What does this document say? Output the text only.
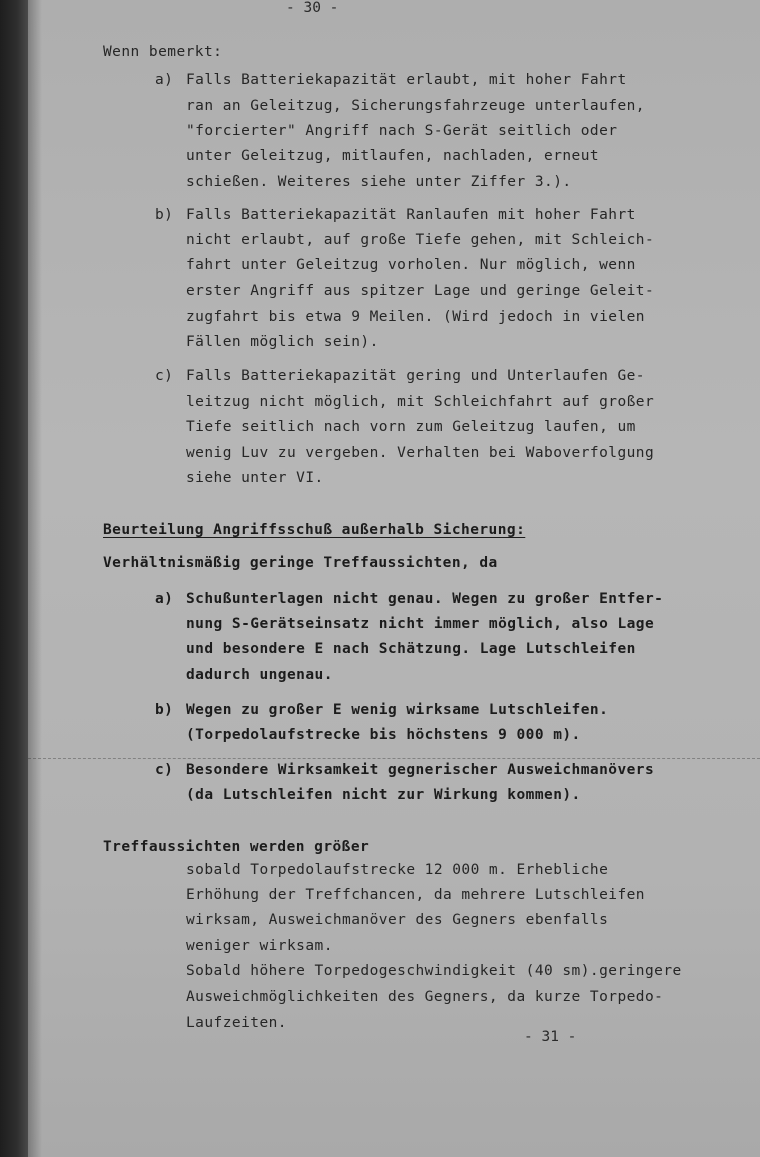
- 30 -
Wenn bemerkt:
a) Falls Batteriekapazität erlaubt, mit hoher Fahrt
ran an Geleitzug, Sicherungsfahrzeuge unterlaufen,
"forcierter" Angriff nach S-Gerät seitlich oder
unter Geleitzug, mitlaufen, nachladen, erneut
schießen. Weiteres siehe unter Ziffer 3.).
b) Falls Batteriekapazität Ranlaufen mit hoher Fahrt
nicht erlaubt, auf große Tiefe gehen, mit Schleich-
fahrt unter Geleitzug vorholen. Nur möglich, wenn
erster Angriff aus spitzer Lage und geringe Geleit-
zugfahrt bis etwa 9 Meilen. (Wird jedoch in vielen
Fällen möglich sein).
c) Falls Batteriekapazität gering und Unterlaufen Ge-
leitzug nicht möglich, mit Schleichfahrt auf großer
Tiefe seitlich nach vorn zum Geleitzug laufen, um
wenig Luv zu vergeben. Verhalten bei Waboverfolgung
siehe unter VI.
Beurteilung Angriffsschuß außerhalb Sicherung:
Verhältnismäßig geringe Treffaussichten, da
a) Schußunterlagen nicht genau. Wegen zu großer Entfer-
nung S-Gerätseinsatz nicht immer möglich, also Lage
und besondere E nach Schätzung. Lage Lutschleifen
dadurch ungenau.
b) Wegen zu großer E wenig wirksame Lutschleifen.
(Torpedolaufstrecke bis höchstens 9 000 m).
c) Besondere Wirksamkeit gegnerischer Ausweichmanövers
(da Lutschleifen nicht zur Wirkung kommen).
Treffaussichten werden größer
sobald Torpedolaufstrecke 12 000 m. Erhebliche
Erhöhung der Treffchancen, da mehrere Lutschleifen
wirksam, Ausweichmanöver des Gegners ebenfalls
weniger wirksam.
Sobald höhere Torpedogeschwindigkeit (40 sm).geringere
Ausweichmöglichkeiten des Gegners, da kurze Torpedo-
Laufzeiten.
- 31 -
